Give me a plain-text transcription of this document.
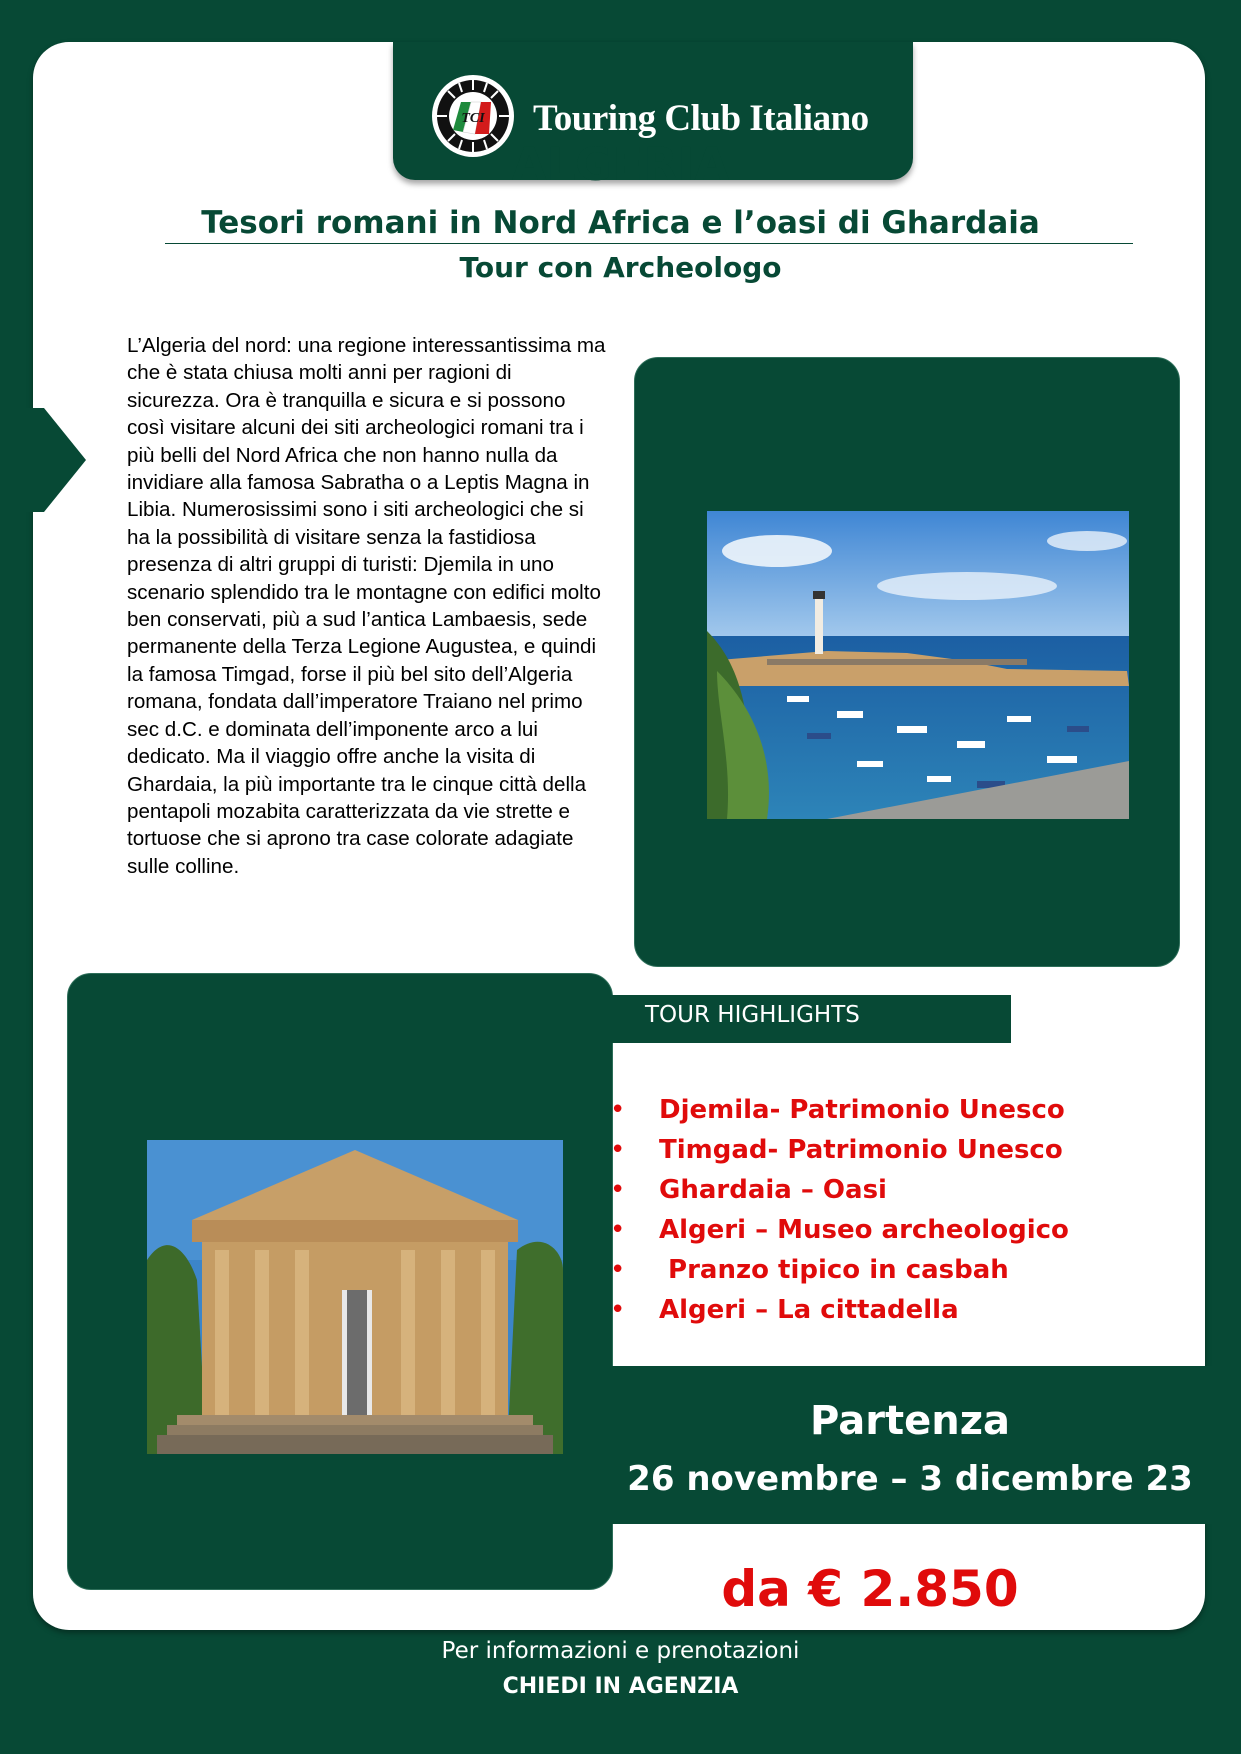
TCI Touring Club Italiano
ALGERIA
Tesori romani in Nord Africa e l’oasi di Ghardaia
Tour con Archeologo
L’Algeria del nord: una regione interessantissima ma che è stata chiusa molti anni per ragioni di sicurezza. Ora è tranquilla e sicura e si possono così visitare alcuni dei siti archeologici romani tra i più belli del Nord Africa che non hanno nulla da invidiare alla famosa Sabratha o a Leptis Magna in Libia. Numerosissimi sono i siti archeologici che si ha la possibilità di visitare senza la fastidiosa presenza di altri gruppi di turisti: Djemila in uno scenario splendido tra le montagne con edifici molto ben conservati, più a sud l’antica Lambaesis, sede permanente della Terza Legione Augustea, e quindi la famosa Timgad, forse il più bel sito dell’Algeria romana, fondata dall’imperatore Traiano nel primo sec d.C. e dominata dell’imponente arco a lui dedicato. Ma il viaggio offre anche la visita di Ghardaia, la più importante tra le cinque città della pentapoli mozabita caratterizzata da vie strette e tortuose che si aprono tra case colorate adagiate sulle colline.
TOUR HIGHLIGHTS
• Djemila- Patrimonio Unesco
• Timgad- Patrimonio Unesco
• Ghardaia – Oasi
• Algeri – Museo archeologico
•  Pranzo tipico in casbah
• Algeri – La cittadella
Partenza
26 novembre – 3 dicembre 23
da € 2.850
Per informazioni e prenotazioni
CHIEDI IN AGENZIA
